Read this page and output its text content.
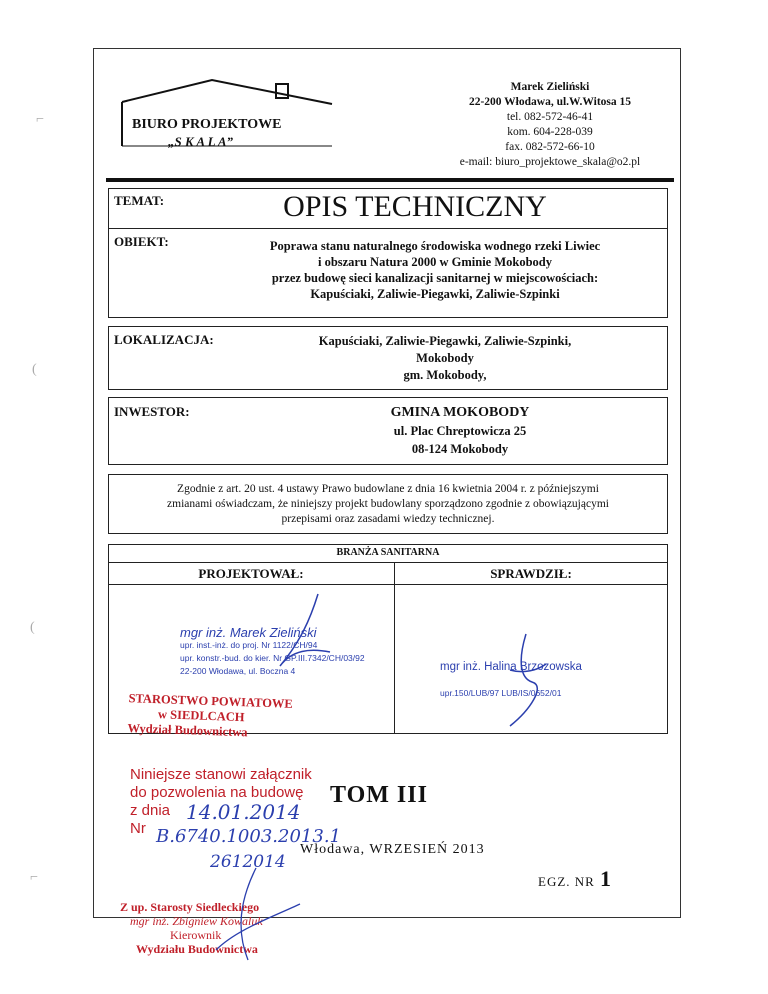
BIURO PROJEKTOWE
„S K A L A”
Marek Zieliński
22-200 Włodawa, ul.W.Witosa 15
tel. 082-572-46-41
kom. 604-228-039
fax. 082-572-66-10
e-mail: biuro_projektowe_skala@o2.pl
TEMAT:	OPIS TECHNICZNY
OBIEKT:	Poprawa stanu naturalnego środowiska wodnego rzeki Liwiec
i obszaru Natura 2000 w Gminie Mokobody
przez budowę sieci kanalizacji sanitarnej w miejscowościach:
Kapuściaki, Zaliwie-Piegawki, Zaliwie-Szpinki
LOKALIZACJA:	Kapuściaki, Zaliwie-Piegawki, Zaliwie-Szpinki,
Mokobody
gm. Mokobody,
INWESTOR:	GMINA MOKOBODY
ul. Plac Chreptowicza 25
08-124 Mokobody
Zgodnie z art. 20 ust. 4 ustawy Prawo budowlane z dnia 16 kwietnia 2004 r. z późniejszymi
zmianami oświadczam, że niniejszy projekt budowlany sporządzono zgodnie z obowiązującymi
przepisami oraz zasadami wiedzy technicznej.
BRANŻA SANITARNA
PROJEKTOWAŁ:	SPRAWDZIŁ:
mgr inż. Marek Zieliński
upr. inst.-inż. do proj. Nr 1122/CH/94
upr. konstr.-bud. do kier. Nr GP.III.7342/CH/03/92
22-200 Włodawa, ul. Boczna 4	mgr inż. Halina Brzozowska
upr.150/LUB/97 LUB/IS/0652/01
STAROSTWO POWIATOWE
w SIEDLCACH
Wydział Budownictwa
Niniejsze stanowi załącznik
do pozwolenia na budowę
z dnia
Nr
14.01.2014
B.6740.1003.2013.1
2612014
TOM III
Włodawa, WRZESIEŃ 2013
EGZ. NR 1
Z up. Starosty Siedleckiego
mgr inż. Zbigniew Kowaluk
Kierownik
Wydziału Budownictwa
⌐
(
(
⌐
